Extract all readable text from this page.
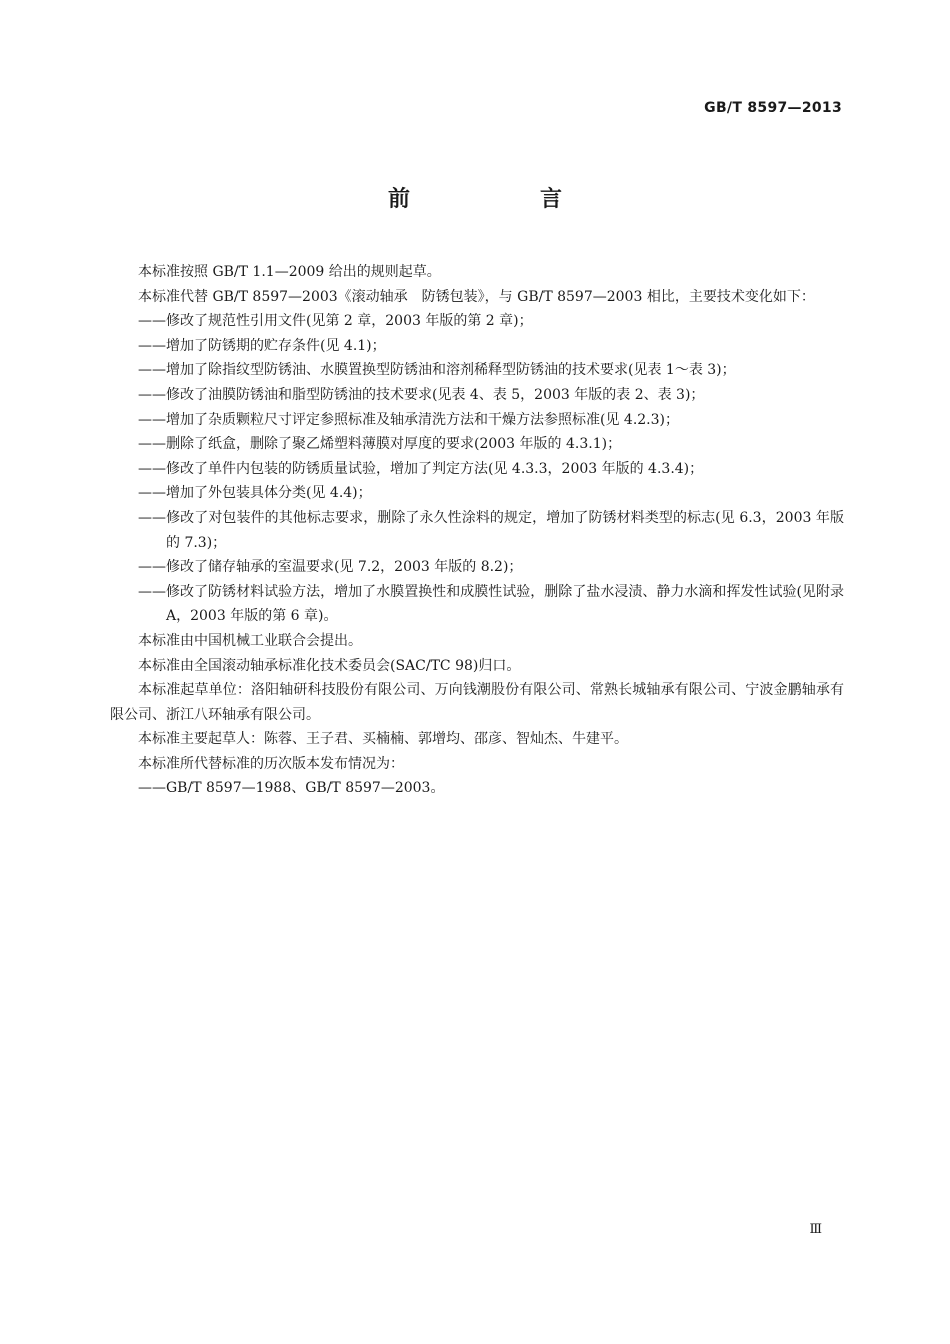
GB/T 8597—2013
前　言

本标准按照 GB/T 1.1—2009 给出的规则起草。

本标准代替 GB/T 8597—2003《滚动轴承　防锈包装》，与 GB/T 8597—2003 相比，主要技术变化如下：

——修改了规范性引用文件(见第 2 章，2003 年版的第 2 章)；

——增加了防锈期的贮存条件(见 4.1)；

——增加了除指纹型防锈油、水膜置换型防锈油和溶剂稀释型防锈油的技术要求(见表 1～表 3)；

——修改了油膜防锈油和脂型防锈油的技术要求(见表 4、表 5，2003 年版的表 2、表 3)；

——增加了杂质颗粒尺寸评定参照标准及轴承清洗方法和干燥方法参照标准(见 4.2.3)；

——删除了纸盒，删除了聚乙烯塑料薄膜对厚度的要求(2003 年版的 4.3.1)；

——修改了单件内包装的防锈质量试验，增加了判定方法(见 4.3.3，2003 年版的 4.3.4)；

——增加了外包装具体分类(见 4.4)；

——修改了对包装件的其他标志要求，删除了永久性涂料的规定，增加了防锈材料类型的标志(见 6.3，2003 年版的 7.3)；

——修改了储存轴承的室温要求(见 7.2，2003 年版的 8.2)；

——修改了防锈材料试验方法，增加了水膜置换性和成膜性试验，删除了盐水浸渍、静力水滴和挥发性试验(见附录 A，2003 年版的第 6 章)。

本标准由中国机械工业联合会提出。

本标准由全国滚动轴承标准化技术委员会(SAC/TC 98)归口。

本标准起草单位：洛阳轴研科技股份有限公司、万向钱潮股份有限公司、常熟长城轴承有限公司、宁波金鹏轴承有限公司、浙江八环轴承有限公司。

本标准主要起草人：陈蓉、王子君、买楠楠、郭增均、邵彦、智灿杰、牛建平。

本标准所代替标准的历次版本发布情况为：

——GB/T 8597—1988、GB/T 8597—2003。

Ⅲ
